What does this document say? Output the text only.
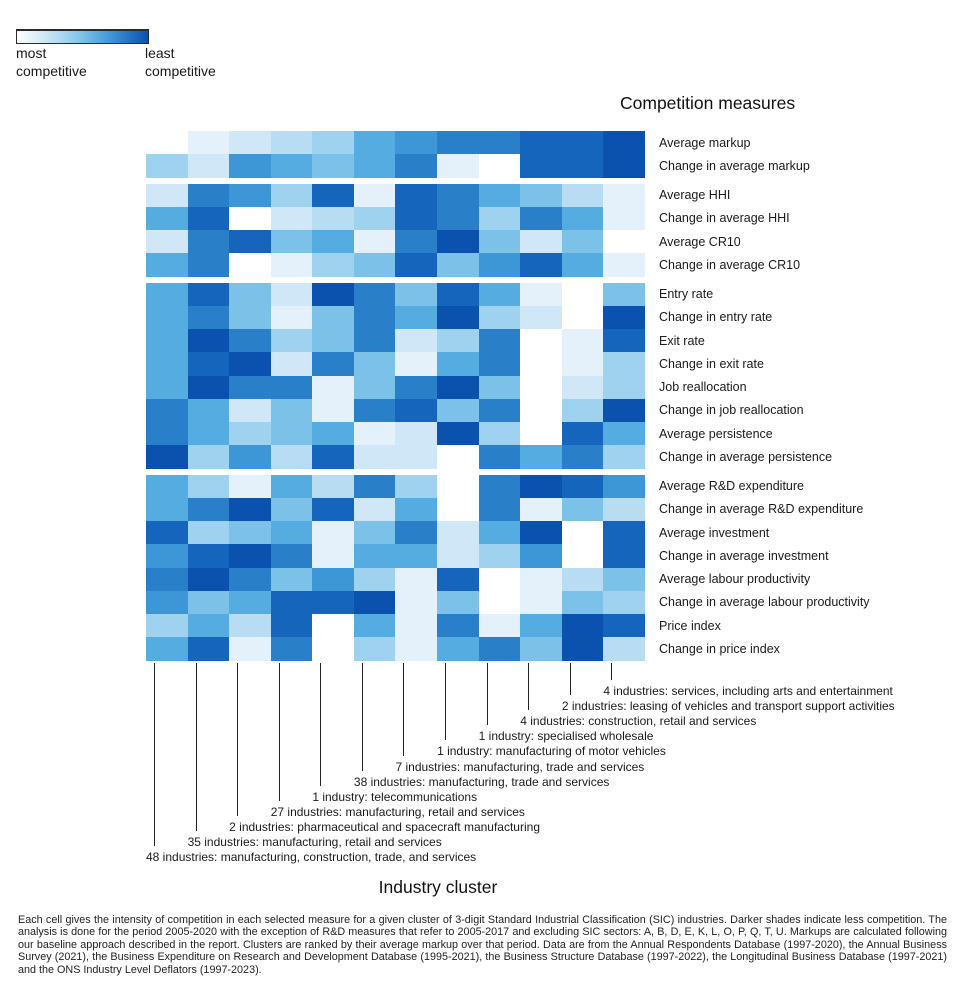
most competitive
least competitive
Competition measures
Average markup
Change in average markup
Average HHI
Change in average HHI
Average CR10
Change in average CR10
Entry rate
Change in entry rate
Exit rate
Change in exit rate
Job reallocation
Change in job reallocation
Average persistence
Change in average persistence
Average R&D expenditure
Change in average R&D expenditure
Average investment
Change in average investment
Average labour productivity
Change in average labour productivity
Price index
Change in price index
48 industries: manufacturing, construction, trade, and services
35 industries: manufacturing, retail and services
2 industries: pharmaceutical and spacecraft manufacturing
27 industries: manufacturing, retail and services
1 industry: telecommunications
38 industries: manufacturing, trade and services
7 industries: manufacturing, trade and services
1 industry: manufacturing of motor vehicles
1 industry: specialised wholesale
4 industries: construction, retail and services
2 industries: leasing of vehicles and transport support activities
4 industries: services, including arts and entertainment
Industry cluster
Each cell gives the intensity of competition in each selected measure for a given cluster of 3-digit Standard Industrial Classification (SIC) industries. Darker shades indicate less competition. The analysis is done for the period 2005-2020 with the exception of R&D measures that refer to 2005-2017 and excluding SIC sectors: A, B, D, E, K, L, O, P, Q, T, U. Markups are calculated following our baseline approach described in the report. Clusters are ranked by their average markup over that period. Data are from the Annual Respondents Database (1997-2020), the Annual Business Survey (2021), the Business Expenditure on Research and Development Database (1995-2021), the Business Structure Database (1997-2022), the Longitudinal Business Database (1997-2021) and the ONS Industry Level Deflators (1997-2023).
